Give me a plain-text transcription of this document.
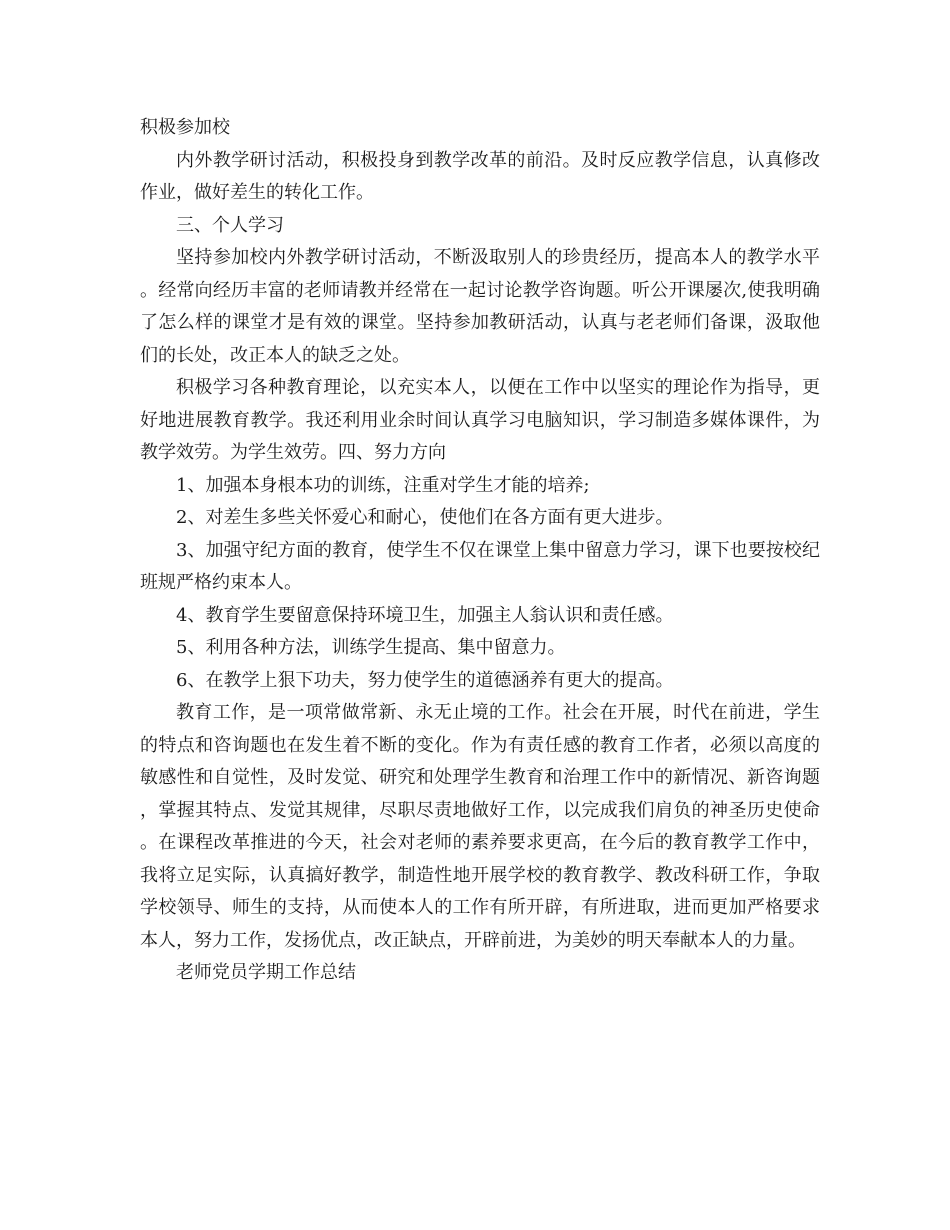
积极参加校

内外教学研讨活动，积极投身到教学改革的前沿。及时反应教学信息，认真修改作业，做好差生的转化工作。

三、个人学习

坚持参加校内外教学研讨活动，不断汲取别人的珍贵经历，提高本人的教学水平。经常向经历丰富的老师请教并经常在一起讨论教学咨询题。听公开课屡次,使我明确了怎么样的课堂才是有效的课堂。坚持参加教研活动，认真与老老师们备课，汲取他们的长处，改正本人的缺乏之处。

积极学习各种教育理论，以充实本人，以便在工作中以坚实的理论作为指导，更好地进展教育教学。我还利用业余时间认真学习电脑知识，学习制造多媒体课件，为教学效劳。为学生效劳。四、努力方向

1、加强本身根本功的训练，注重对学生才能的培养;

2、对差生多些关怀爱心和耐心，使他们在各方面有更大进步。

3、加强守纪方面的教育，使学生不仅在课堂上集中留意力学习，课下也要按校纪班规严格约束本人。

4、教育学生要留意保持环境卫生，加强主人翁认识和责任感。

5、利用各种方法，训练学生提高、集中留意力。

6、在教学上狠下功夫，努力使学生的道德涵养有更大的提高。

教育工作，是一项常做常新、永无止境的工作。社会在开展，时代在前进，学生的特点和咨询题也在发生着不断的变化。作为有责任感的教育工作者，必须以高度的敏感性和自觉性，及时发觉、研究和处理学生教育和治理工作中的新情况、新咨询题，掌握其特点、发觉其规律，尽职尽责地做好工作，以完成我们肩负的神圣历史使命。在课程改革推进的今天，社会对老师的素养要求更高，在今后的教育教学工作中，我将立足实际，认真搞好教学，制造性地开展学校的教育教学、教改科研工作，争取学校领导、师生的支持，从而使本人的工作有所开辟，有所进取，进而更加严格要求本人，努力工作，发扬优点，改正缺点，开辟前进，为美妙的明天奉献本人的力量。

老师党员学期工作总结
